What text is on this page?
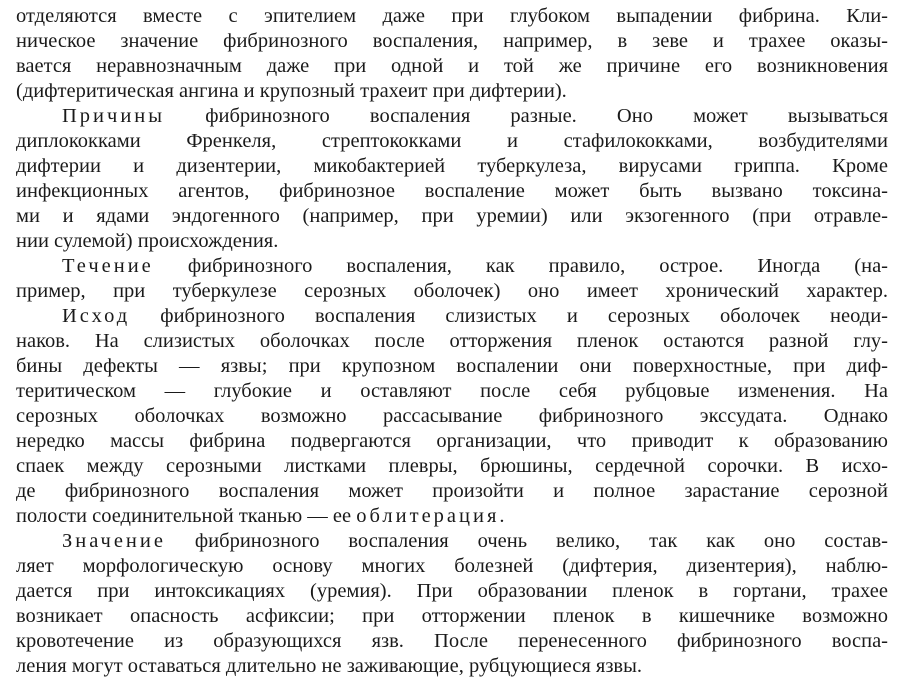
отделяются вместе с эпителием даже при глубоком выпадении фибрина. Кли-
ническое значение фибринозного воспаления, например, в зеве и трахее оказы-
вается неравнозначным даже при одной и той же причине его возникновения
(дифтеритическая ангина и крупозный трахеит при дифтерии).
Причины фибринозного воспаления разные. Оно может вызываться
диплококками Френкеля, стрептококками и стафилококками, возбудителями
дифтерии и дизентерии, микобактерией туберкулеза, вирусами гриппа. Кроме
инфекционных агентов, фибринозное воспаление может быть вызвано токсина-
ми и ядами эндогенного (например, при уремии) или экзогенного (при отравле-
нии сулемой) происхождения.
Течение фибринозного воспаления, как правило, острое. Иногда (на-
пример, при туберкулезе серозных оболочек) оно имеет хронический характер.
Исход фибринозного воспаления слизистых и серозных оболочек неоди-
наков. На слизистых оболочках после отторжения пленок остаются разной глу-
бины дефекты — язвы; при крупозном воспалении они поверхностные, при диф-
теритическом — глубокие и оставляют после себя рубцовые изменения. На
серозных оболочках возможно рассасывание фибринозного экссудата. Однако
нередко массы фибрина подвергаются организации, что приводит к образованию
спаек между серозными листками плевры, брюшины, сердечной сорочки. В исхо-
де фибринозного воспаления может произойти и полное зарастание серозной
полости соединительной тканью — ее облитерация.
Значение фибринозного воспаления очень велико, так как оно состав-
ляет морфологическую основу многих болезней (дифтерия, дизентерия), наблю-
дается при интоксикациях (уремия). При образовании пленок в гортани, трахее
возникает опасность асфиксии; при отторжении пленок в кишечнике возможно
кровотечение из образующихся язв. После перенесенного фибринозного воспа-
ления могут оставаться длительно не заживающие, рубцующиеся язвы.
